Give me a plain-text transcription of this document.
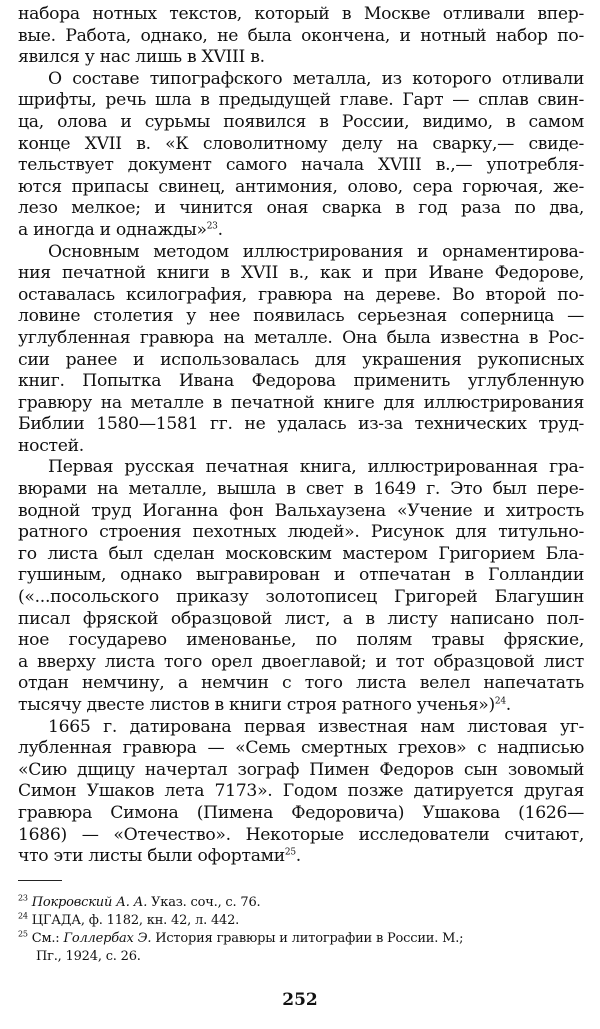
набора нотных текстов, который в Москве отливали впер-
вые. Работа, однако, не была окончена, и нотный набор по-
явился у нас лишь в XVIII в.
О составе типографского металла, из которого отливали
шрифты, речь шла в предыдущей главе. Гарт — сплав свин-
ца, олова и сурьмы появился в России, видимо, в самом
конце XVII в. «К словолитному делу на сварку,— свиде-
тельствует документ самого начала XVIII в.,— употребля-
ются припасы свинец, антимония, олово, сера горючая, же-
лезо мелкое; и чинится оная сварка в год раза по два,
а иногда и однажды»$^{23}$.
Основным методом иллюстрирования и орнаментирова-
ния печатной книги в XVII в., как и при Иване Федорове,
оставалась ксилография, гравюра на дереве. Во второй по-
ловине столетия у нее появилась серьезная соперница —
углубленная гравюра на металле. Она была известна в Рос-
сии ранее и использовалась для украшения рукописных
книг. Попытка Ивана Федорова применить углубленную
гравюру на металле в печатной книге для иллюстрирования
Библии 1580—1581 гг. не удалась из-за технических труд-
ностей.
Первая русская печатная книга, иллюстрированная гра-
вюрами на металле, вышла в свет в 1649 г. Это был пере-
водной труд Иоганна фон Вальхаузена «Учение и хитрость
ратного строения пехотных людей». Рисунок для титульно-
го листа был сделан московским мастером Григорием Бла-
гушиным, однако выгравирован и отпечатан в Голландии
(«...посольского приказу золотописец Григорей Благушин
писал фряской образцовой лист, а в листу написано пол-
ное государево именованье, по полям травы фряские,
а вверху листа того орел двоеглавой; и тот образцовой лист
отдан немчину, а немчин с того листа велел напечатать
тысячу двесте листов в книги строя ратного ученья»)$^{24}$.
1665 г. датирована первая известная нам листовая уг-
лубленная гравюра — «Семь смертных грехов» с надписью
«Сию дщицу начертал зограф Пимен Федоров сын зовомый
Симон Ушаков лета 7173». Годом позже датируется другая
гравюра Симона (Пимена Федоровича) Ушакова (1626—
1686) — «Отечество». Некоторые исследователи считают,
что эти листы были офортами$^{25}$.
$^{23}$ Покровский А. А. Указ. соч., с. 76.
$^{24}$ ЦГАДА, ф. 1182, кн. 42, л. 442.
$^{25}$ См.: Голлербах Э. История гравюры и литографии в России. М.;
Пг., 1924, с. 26.
252
